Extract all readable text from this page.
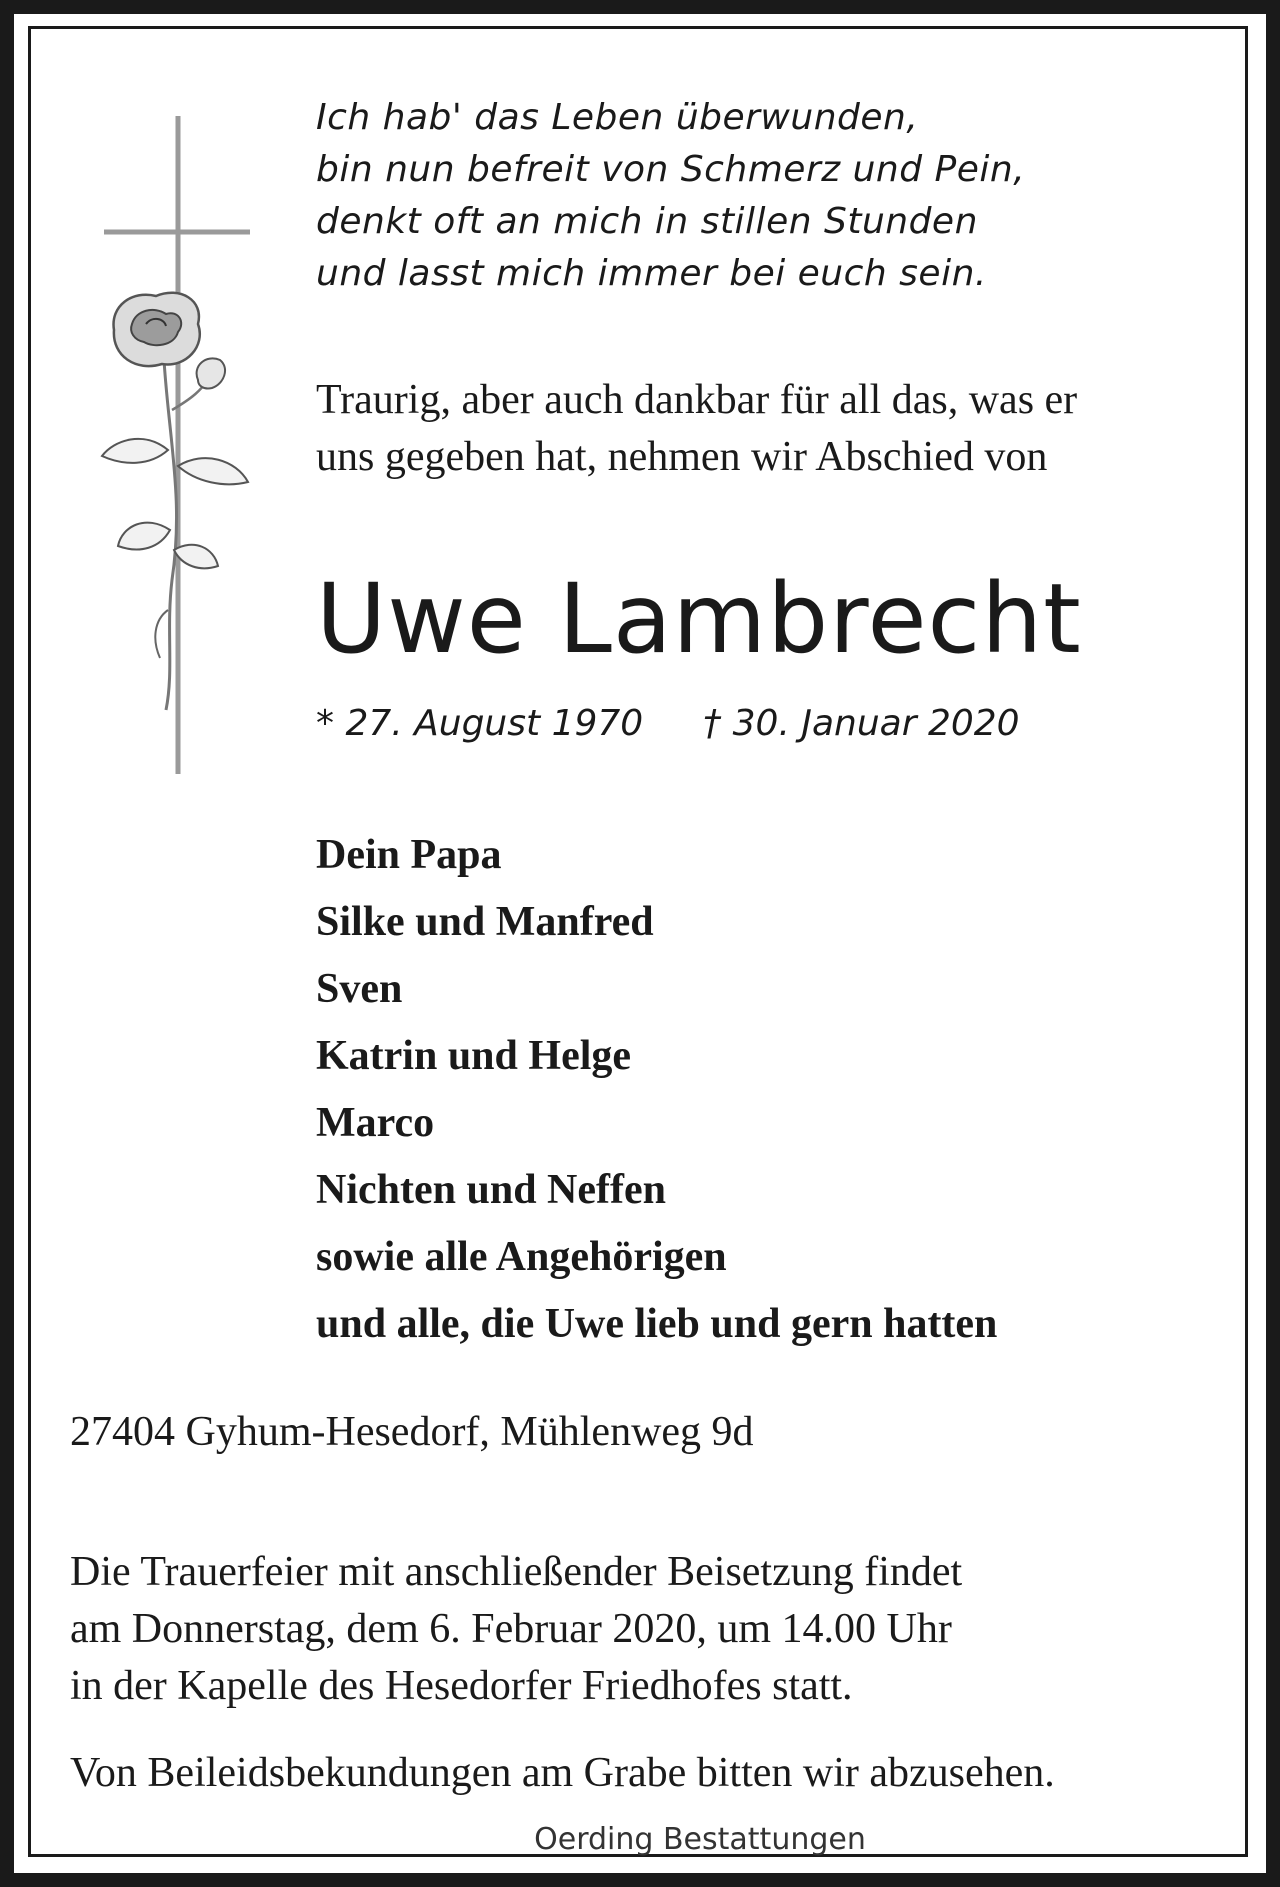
Ich hab' das Leben überwunden,
bin nun befreit von Schmerz und Pein,
denkt oft an mich in stillen Stunden
und lasst mich immer bei euch sein.
Traurig, aber auch dankbar für all das, was er
uns gegeben hat, nehmen wir Abschied von
Uwe Lambrecht
* 27. August 1970 † 30. Januar 2020
Dein Papa
Silke und Manfred
Sven
Katrin und Helge
Marco
Nichten und Neffen
sowie alle Angehörigen
und alle, die Uwe lieb und gern hatten
27404 Gyhum-Hesedorf, Mühlenweg 9d
Die Trauerfeier mit anschließender Beisetzung findet
am Donnerstag, dem 6. Februar 2020, um 14.00 Uhr
in der Kapelle des Hesedorfer Friedhofes statt.
Von Beileidsbekundungen am Grabe bitten wir abzusehen.
Oerding Bestattungen
